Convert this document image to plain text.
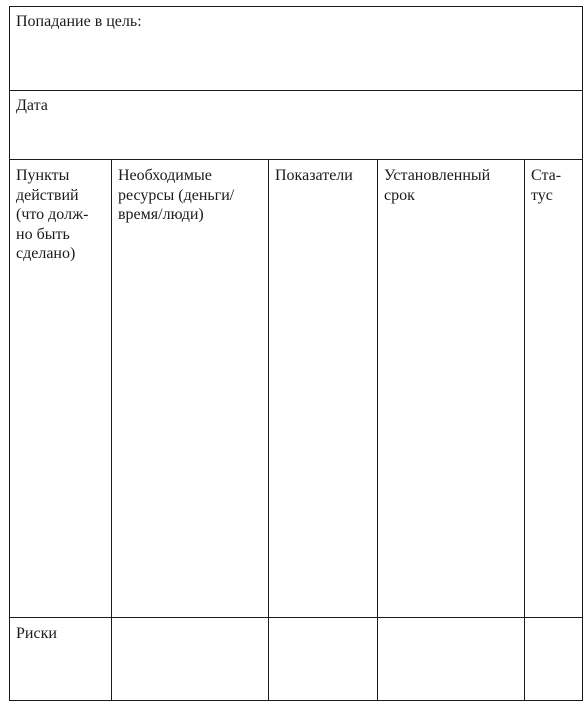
Попадание в цель:
Дата
Пункты
действий
(что долж-
но быть
сделано)
Необходимые
ресурсы (деньги/
время/люди)
Показатели	Установленный
срок
Ста-
тус
Риски
